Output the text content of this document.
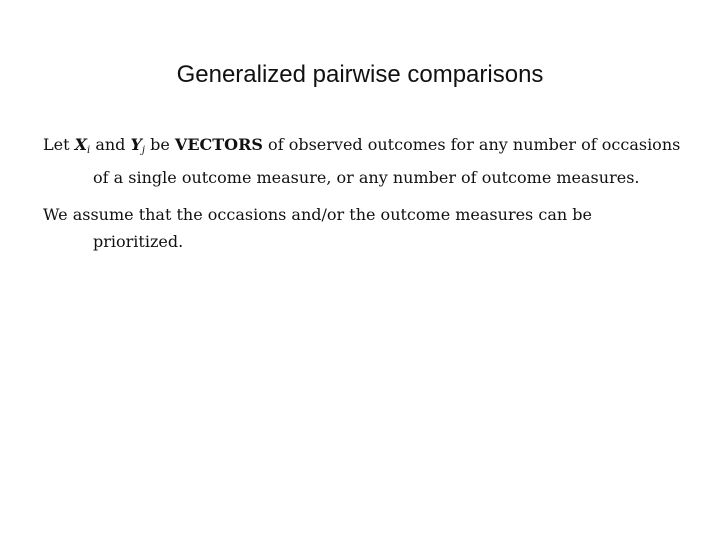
Generalized pairwise comparisons

Let $X_i$ and $Y_j$ be VECTORS of observed outcomes for any number of occasions of a single outcome measure, or any number of outcome measures.

We assume that the occasions and/or the outcome measures can be prioritized.
